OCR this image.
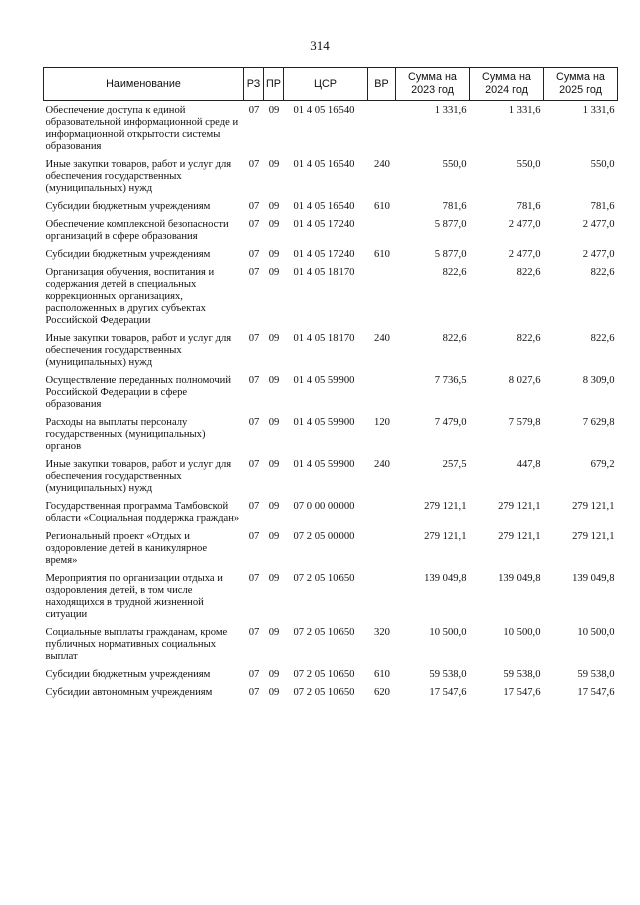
314
Наименование	РЗ	ПР	ЦСР	ВР	Сумма на 2023 год	Сумма на 2024 год	Сумма на 2025 год
Обеспечение доступа к единой образовательной информационной среде и информационной открытости системы образования	07	09	01 4 05 16540		1 331,6	1 331,6	1 331,6
Иные закупки товаров, работ и услуг для обеспечения государственных (муниципальных) нужд	07	09	01 4 05 16540	240	550,0	550,0	550,0
Субсидии бюджетным учреждениям	07	09	01 4 05 16540	610	781,6	781,6	781,6
Обеспечение комплексной безопасности организаций в сфере образования	07	09	01 4 05 17240		5 877,0	2 477,0	2 477,0
Субсидии бюджетным учреждениям	07	09	01 4 05 17240	610	5 877,0	2 477,0	2 477,0
Организация обучения, воспитания и содержания детей в специальных коррекционных организациях, расположенных в других субъектах Российской Федерации	07	09	01 4 05 18170		822,6	822,6	822,6
Иные закупки товаров, работ и услуг для обеспечения государственных (муниципальных) нужд	07	09	01 4 05 18170	240	822,6	822,6	822,6
Осуществление переданных полномочий Российской Федерации в сфере образования	07	09	01 4 05 59900		7 736,5	8 027,6	8 309,0
Расходы на выплаты персоналу государственных (муниципальных) органов	07	09	01 4 05 59900	120	7 479,0	7 579,8	7 629,8
Иные закупки товаров, работ и услуг для обеспечения государственных (муниципальных) нужд	07	09	01 4 05 59900	240	257,5	447,8	679,2
Государственная программа Тамбовской области «Социальная поддержка граждан»	07	09	07 0 00 00000		279 121,1	279 121,1	279 121,1
Региональный проект «Отдых и оздоровление детей в каникулярное время»	07	09	07 2 05 00000		279 121,1	279 121,1	279 121,1
Мероприятия по организации отдыха и оздоровления детей, в том числе находящихся в трудной жизненной ситуации	07	09	07 2 05 10650		139 049,8	139 049,8	139 049,8
Социальные выплаты гражданам, кроме публичных нормативных социальных выплат	07	09	07 2 05 10650	320	10 500,0	10 500,0	10 500,0
Субсидии бюджетным учреждениям	07	09	07 2 05 10650	610	59 538,0	59 538,0	59 538,0
Субсидии автономным учреждениям	07	09	07 2 05 10650	620	17 547,6	17 547,6	17 547,6
